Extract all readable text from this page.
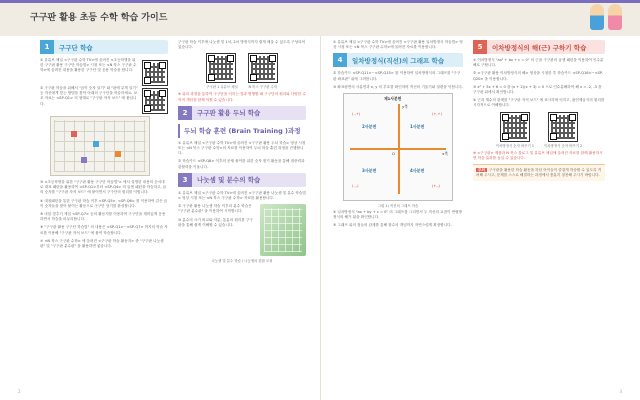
구구판 활용 초등 수학 학습 가이드
1	구구단 학습
① 유튜브 채널 <구구판 수학 TV>에 올려진 <초등학생을 위한 구구판 활용 구구단 학습법> 시청 또는 <N 북스 구구판 수학>에 올려진 내용을 활용한 구구단 및 응용 학습을 합니다.
② 구구판 학습을 위해서 "곱이 숫자 알기" 와 "판에 무게 알기" 등 자신에게 맞는 방법을 찾아 아래의 구구단을 학습하세요. 보조 자료는 <SP-Q1> 의 형태로 "구구판 자석 보드" 에 붙입니다.
③ <초등학생을 위한 "구구판 활용 구구단 학습법"> 에서 설명한 내용의 순서대로 대표 패턴을 활용하여 <SP-Q1>부터 <SP-Q4> 의 곱셈 패턴을 학습하고, 곱의 숫자를 "구구판 자석 보드" 에 붙이면서 구구단의 원리를 익힙니다.
④ 대칭패턴을 통한 구구판 학습 이후 <SP-Q5>, <SP-Q6> 를 이용하여 같은 곱이 숫자들을 찾아 붙이는 활동으로 구구단 암기를 완성합니다.
⑤ 마블 맞추기 게임 <SP-Q7> 등의 활동지를 이용하여 구구단을 재미있게 응용하면서 학습을 마무리합니다.
⑥ "구구판 활용 구구단 학습법" 의 내용은 <SP-Q1>~<SP-Q7> 까지의 학습 자료를 이용해 "구구판 자석 보드" 에 붙여 학습합니다.
⑦ <N 북스 구구판 수학> 에 올려진 <구구판 학습 활동지> 중 "구구판 나눗셈판" 및 "구구판 분수판" 을 활용하면 좋습니다.
구구판 학습 이후에 나눗셈 및 1차, 2차 방정식까지 쉽게 배울 수 있도록 구성되어 있습니다.
구구판 1 유튜브 채널	N 북스 구구판 수학
※ 위의 과정을 통하여 구구단을 익히는 것과 병행할 때 구구단의 원리와 다양한 수학적 개념을 함께 익힐 수 있습니다.
2	구구판 활용 두뇌 학습
두뇌 학습 훈련 (Brain Training )과정
① 유튜브 채널 <구구판 수학 TV>에 올려진 <구구판 활용 두뇌 학습> 영상 시청 또는 <N 북스 구구판 수학>의 자료를 이용하여 두뇌 학습 훈련 과정을 진행합니다.
② 학습카드 <SP-Q8> 이후의 문제 풀이를 위한 숫자 찾기 활동을 통해 집중력과 관찰력을 키웁니다.
3	나눗셈 및 분수의 학습
① 유튜브 채널 <구구판 수학 TV>에 올려진 <구구판 활용 나눗셈 및 분수 학습법> 영상 시청 또는 <N 북스 구구판 수학> 자료를 활용합니다.
② 구구판 활용 나눗셈 학습 이후의 분수 학습은 "구구판 분수판" 을 이용하여 시작합니다.
③ 분수의 크기 비교와 약분, 통분의 원리를 구구판을 통해 쉽게 이해할 수 있습니다.
나눗셈 및 분수 학습 / 나눗셈의 집합 모형
2
① 유튜브 채널 <구구판 수학 TV>에 올려진 <구구판 활용 일차방정식 학습법> 영상 시청 또는 <N 북스 구구판 수학>에 올려진 자료를 이용합니다.
4	일차방정식(직선)의 그래프 학습
② 학습카드 <SP-Q11>~<SP-Q15> 를 이용하여 일차방정식의 그래프를 "구구판 좌표판" 위에 그려봅니다.
③ 좌표평면의 사분면과 x, y 의 부호를 확인하며 직선의 기울기와 절편을 익힙니다.
제1사분면
x축
y축
O
1사분면
2사분면
3사분면	4사분면
(+,+)
(-,+)
(-,-)	(+,-)
그림 1) 직선의 그래프 학습
④ 일차방정식 "ax + by + c = 0" 의 그래프를 그리면서 두 직선의 교점이 연립방정식의 해가 됨을 확인합니다.
⑤ 그래프 위의 점들의 관계를 통해 함수의 개념까지 자연스럽게 확장합니다.
5	이차방정식의 해(근) 구하기 학습
① 이차방정식 "ax² + bx + c = 0" 의 근을 구구판의 곱셈 패턴을 이용하여 인수분해로 구합니다.
② <구구판 활용 이차방정식의 해> 영상을 시청한 후 학습카드 <SP-Q16>~<SP-Q20> 을 이용합니다.
③ x² + 5x + 6 = 0 을 (x + 2)(x + 3) = 0 으로 인수분해하여 해 x = -2, -3 을 구구판 위에서 확인합니다.
④ 근과 계수의 관계를 "구구판 자석 보드" 에 표시하며 익히고, 완전제곱식의 원리를 시각적으로 이해합니다.
이차방정식 숫자 바꾸기 1	이차방정식 숫자 바꾸기 2
※ <구구판> 제품과 N 북스 블로그 및 유튜브 채널에 올려진 자료를 함께 활용하시면 학습 효과를 높일 수 있습니다.
주의 구구판을 활용한 학습 활동을 하던 아이들이 즐겁게 학습할 수 있도록 격려해 주시고, 문제를 스스로 해결하는 과정에서 충분히 칭찬해 주시기 바랍니다.
3
